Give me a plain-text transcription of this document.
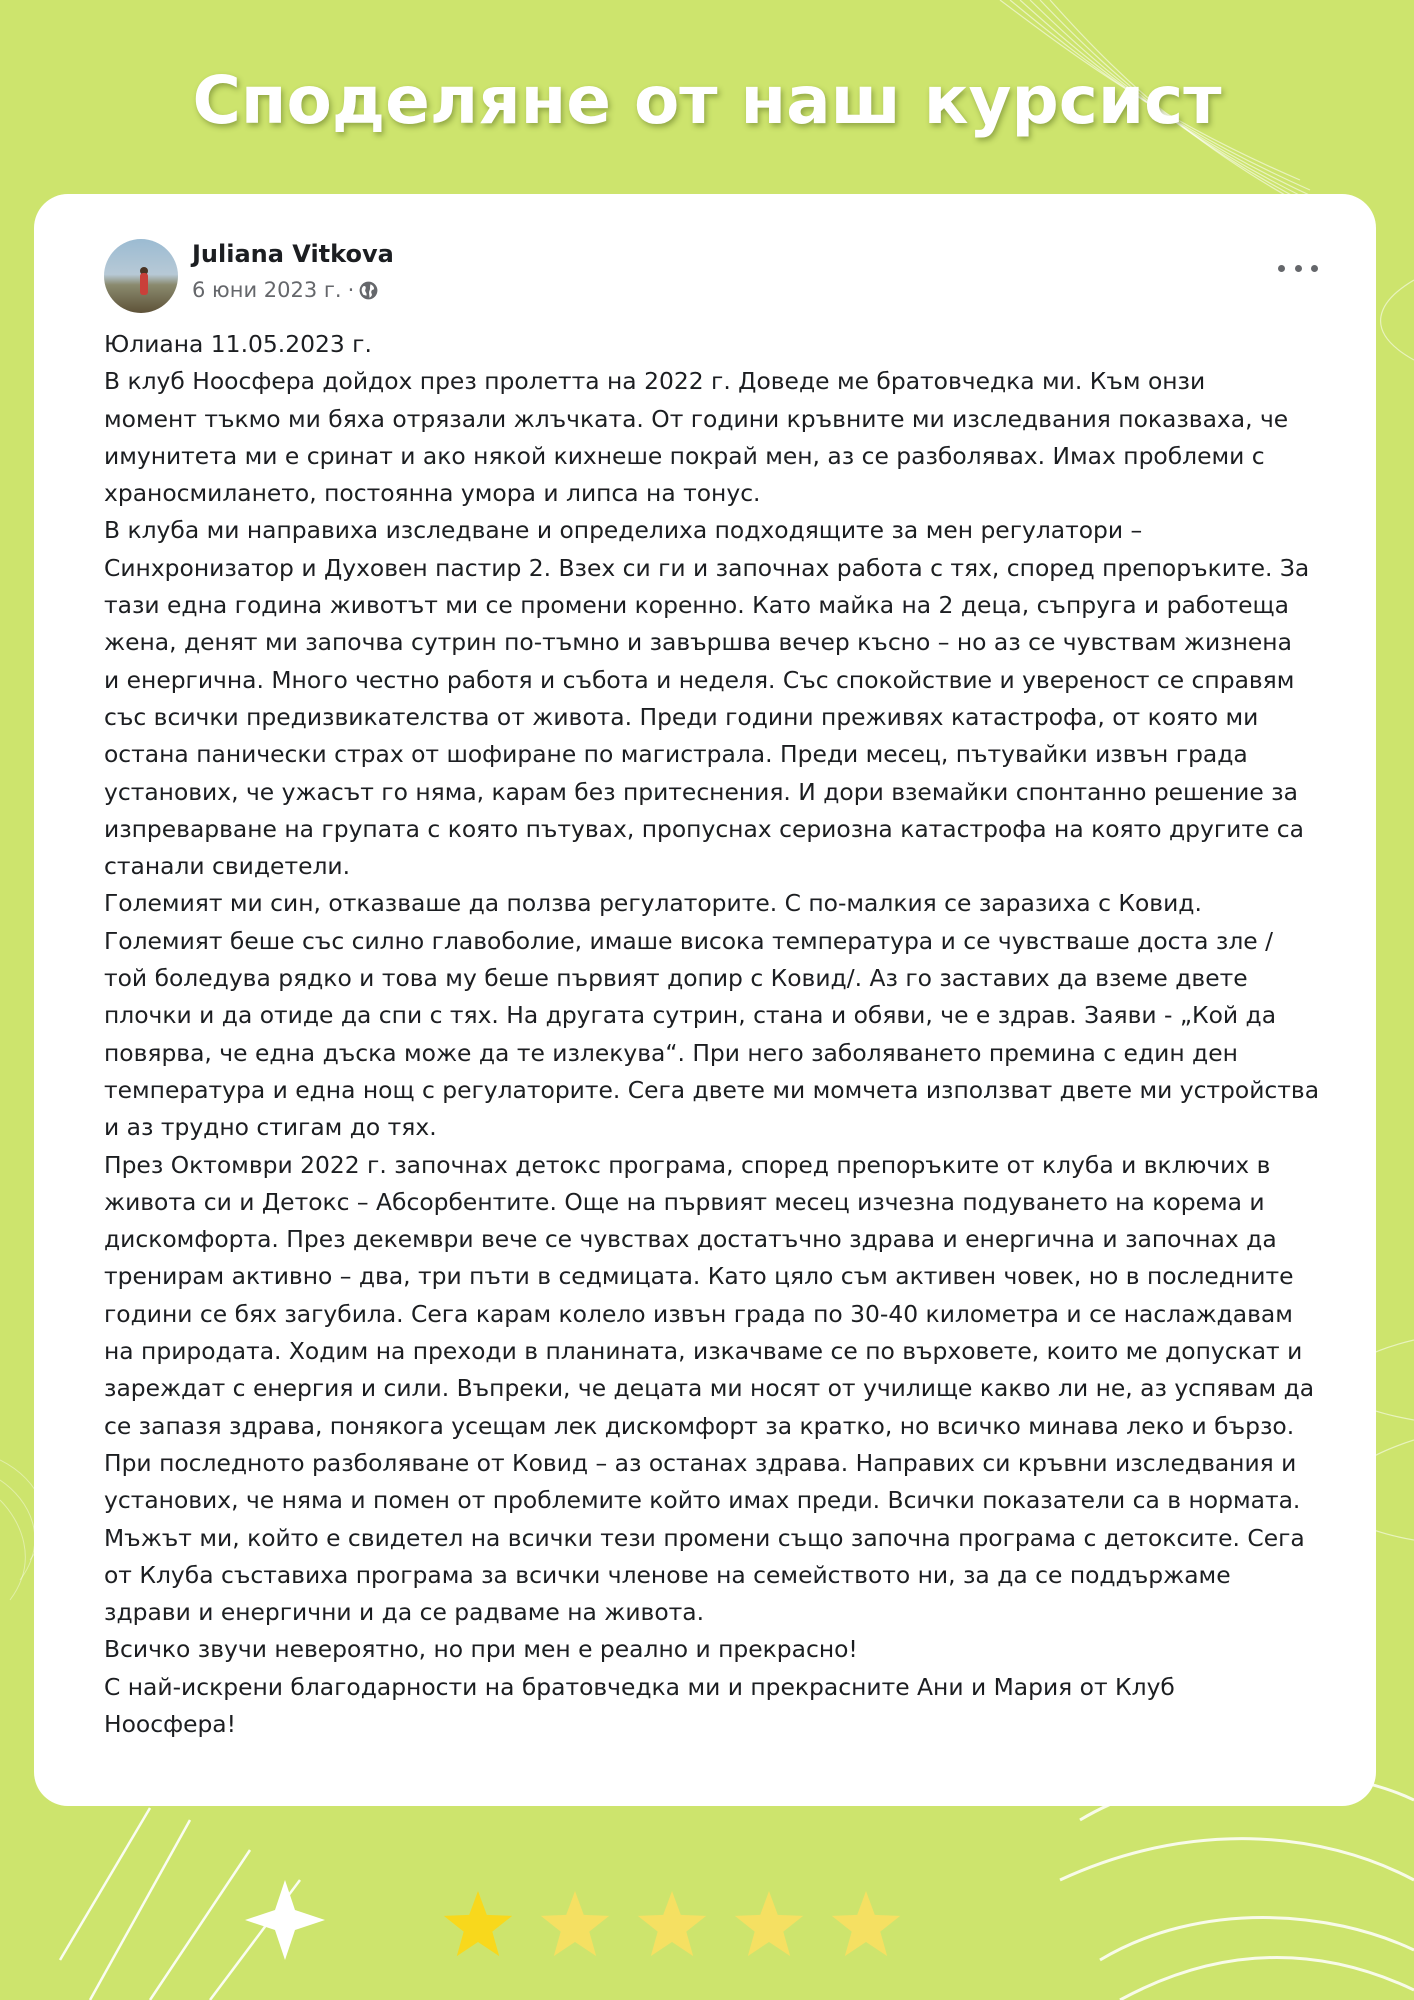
Споделяне от наш курсист
Juliana Vitkova
6 юни 2023 г. ·

Юлиана 11.05.2023 г.

В клуб Ноосфера дойдох през пролетта на 2022 г. Доведе ме братовчедка ми. Към онзи

момент тъкмо ми бяха отрязали жлъчката. От години кръвните ми изследвания показваха, че

имунитета ми е сринат и ако някой кихнеше покрай мен, аз се разболявах. Имах проблеми с

храносмилането, постоянна умора и липса на тонус.

В клуба ми направиха изследване и определиха подходящите за мен регулатори –

Синхронизатор и Духовен пастир 2. Взех си ги и започнах работа с тях, според препоръките. За

тази една година животът ми се промени коренно. Като майка на 2 деца, съпруга и работеща

жена, денят ми започва сутрин по-тъмно и завършва вечер късно – но аз се чувствам жизнена

и енергична. Много честно работя и събота и неделя. Със спокойствие и увереност се справям

със всички предизвикателства от живота. Преди години преживях катастрофа, от която ми

остана панически страх от шофиране по магистрала. Преди месец, пътувайки извън града

установих, че ужасът го няма, карам без притеснения. И дори вземайки спонтанно решение за

изпреварване на групата с която пътувах, пропуснах сериозна катастрофа на която другите са

станали свидетели.

Големият ми син, отказваше да ползва регулаторите. С по-малкия се заразиха с Ковид.

Големият беше със силно главоболие, имаше висока температура и се чувстваше доста зле /

той боледува рядко и това му беше първият допир с Ковид/. Аз го заставих да вземе двете

плочки и да отиде да спи с тях. На другата сутрин, стана и обяви, че е здрав. Заяви - „Кой да

повярва, че една дъска може да те излекува“. При него заболяването премина с един ден

температура и една нощ с регулаторите. Сега двете ми момчета използват двете ми устройства

и аз трудно стигам до тях.

През Октомври 2022 г. започнах детокс програма, според препоръките от клуба и включих в

живота си и Детокс – Абсорбентите. Още на първият месец изчезна подуването на корема и

дискомфорта. През декември вече се чувствах достатъчно здрава и енергична и започнах да

тренирам активно – два, три пъти в седмицата. Като цяло съм активен човек, но в последните

години се бях загубила. Сега карам колело извън града по 30-40 километра и се наслаждавам

на природата. Ходим на преходи в планината, изкачваме се по върховете, които ме допускат и

зареждат с енергия и сили. Въпреки, че децата ми носят от училище какво ли не, аз успявам да

се запазя здрава, понякога усещам лек дискомфорт за кратко, но всичко минава леко и бързо.

При последното разболяване от Ковид – аз останах здрава. Направих си кръвни изследвания и

установих, че няма и помен от проблемите който имах преди. Всички показатели са в нормата.

Мъжът ми, който е свидетел на всички тези промени също започна програма с детоксите. Сега

от Клуба съставиха програма за всички членове на семейството ни, за да се поддържаме

здрави и енергични и да се радваме на живота.

Всичко звучи невероятно, но при мен е реално и прекрасно!

С най-искрени благодарности на братовчедка ми и прекрасните Ани и Мария от Клуб

Ноосфера!
